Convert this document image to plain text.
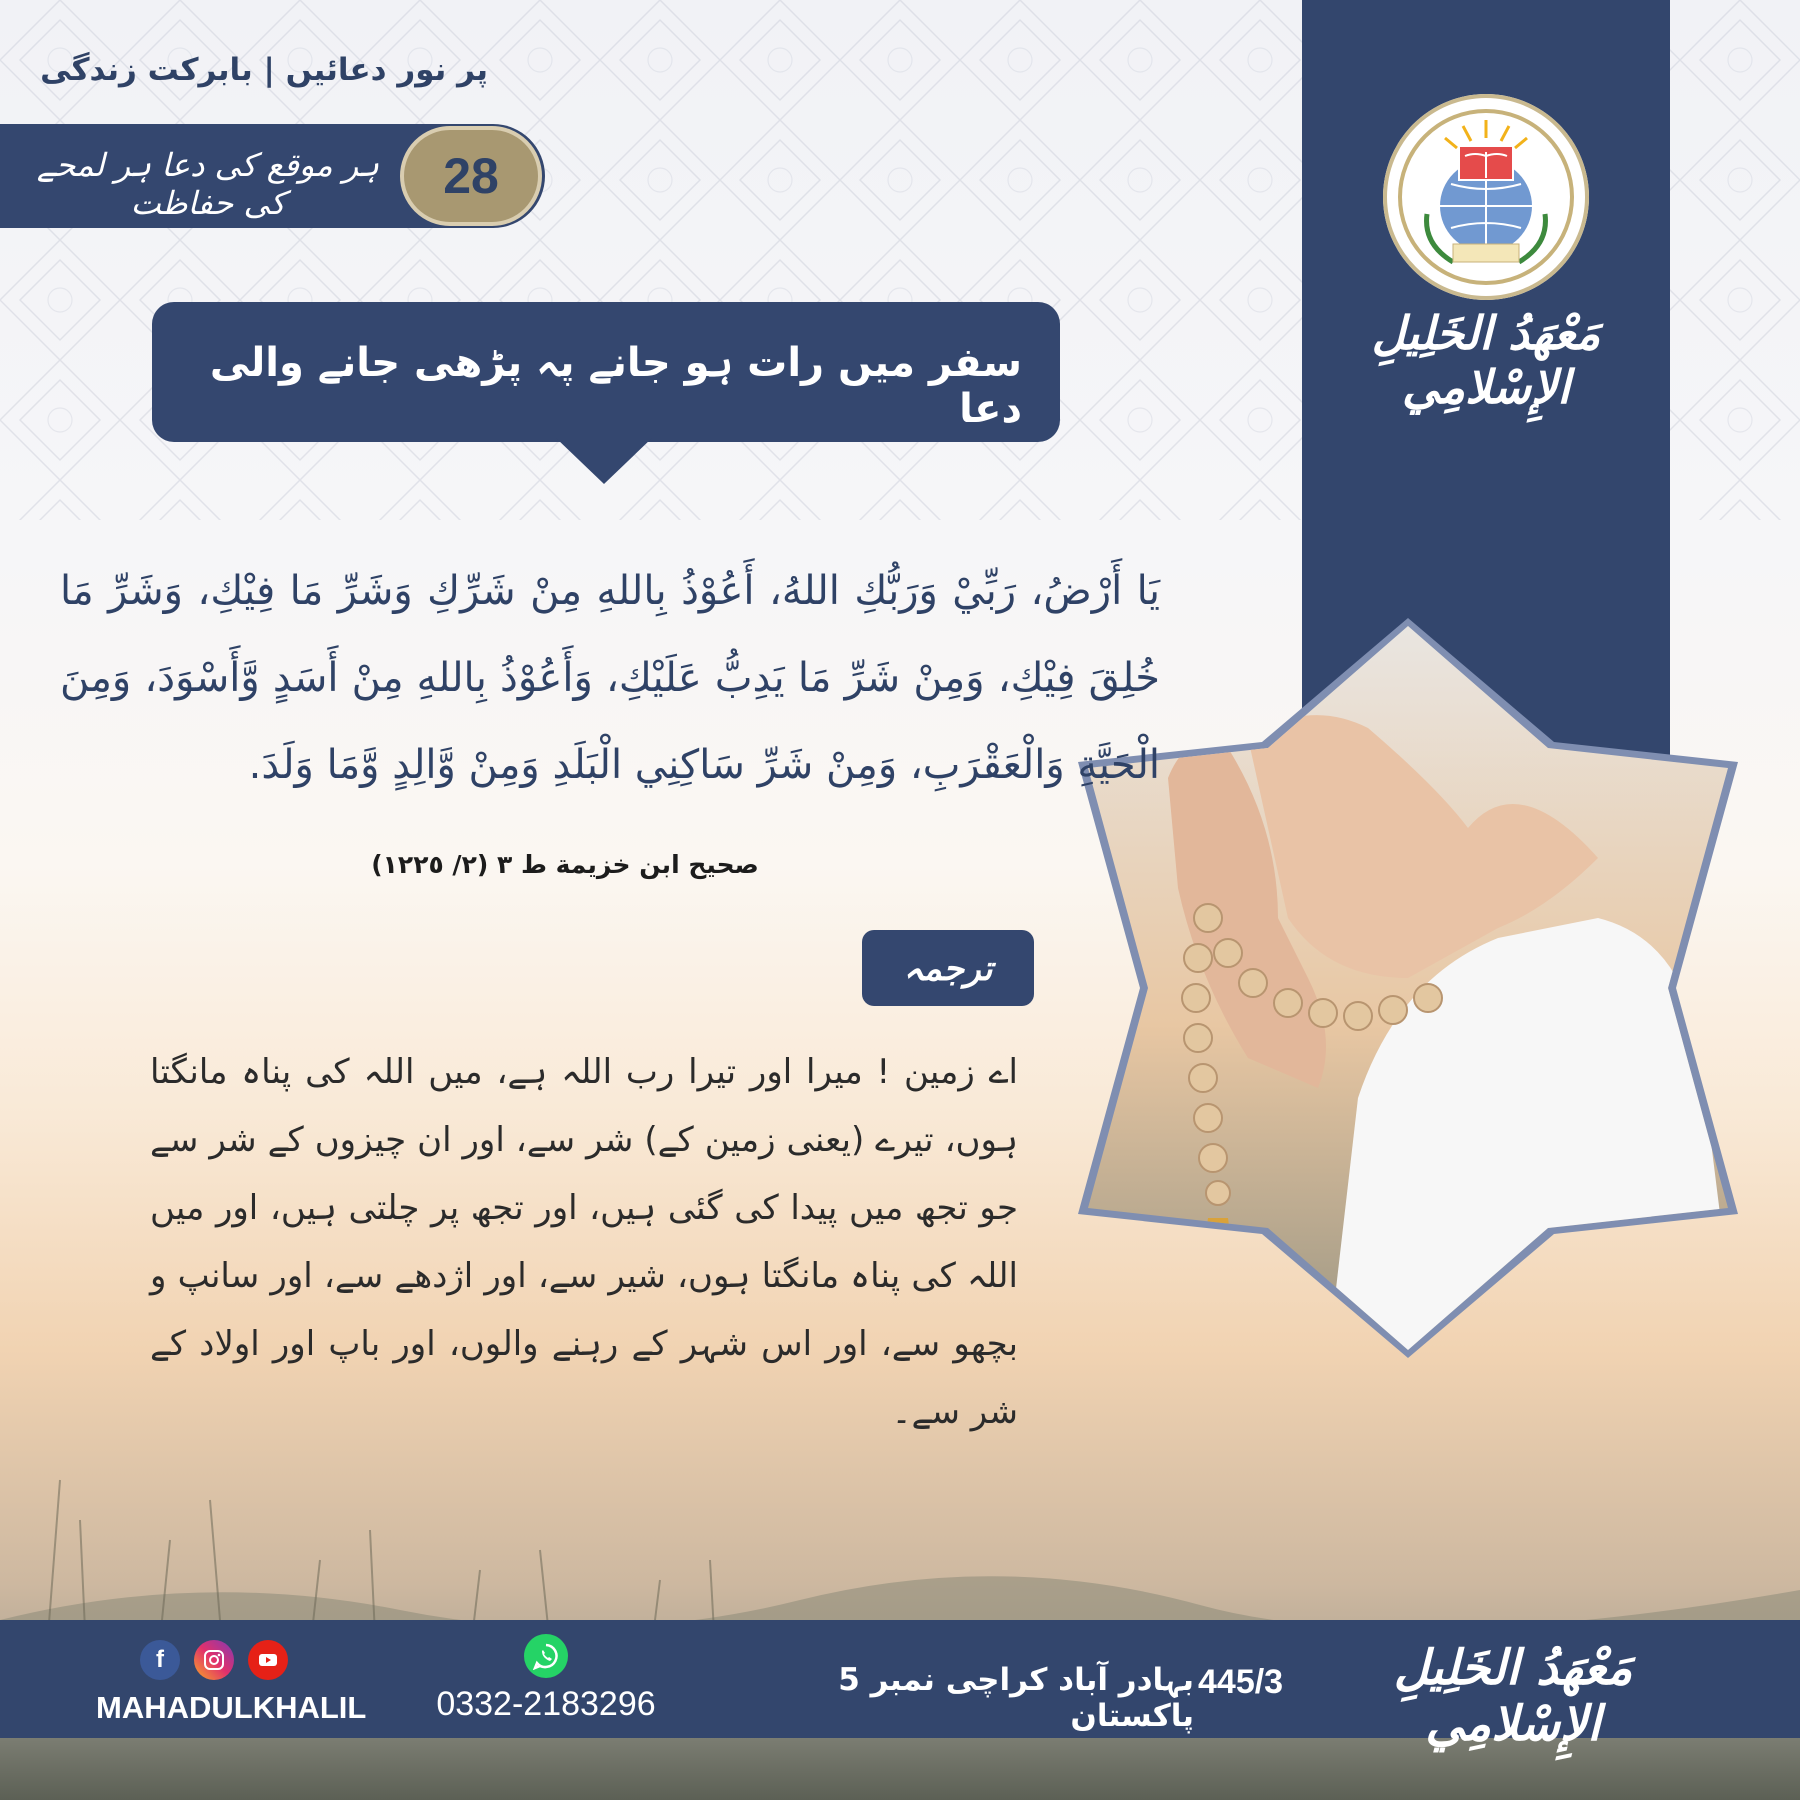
پر نور دعائیں | بابرکت زندگی
ہر موقع کی دعا ہر لمحے کی حفاظت	28
مَعْهَدُ الخَلِيلِ الإِسْلامِي
سفر میں رات ہو جانے پہ پڑھی جانے والی دعا
يَا أَرْضُ، رَبِّيْ وَرَبُّكِ اللهُ، أَعُوْذُ بِاللهِ مِنْ شَرِّكِ وَشَرِّ مَا فِيْكِ، وَشَرِّ مَا خُلِقَ فِيْكِ، وَمِنْ شَرِّ مَا يَدِبُّ عَلَيْكِ، وَأَعُوْذُ بِاللهِ مِنْ أَسَدٍ وَّأَسْوَدَ، وَمِنَ الْحَيَّةِ وَالْعَقْرَبِ، وَمِنْ شَرِّ سَاكِنِي الْبَلَدِ وَمِنْ وَّالِدٍ وَّمَا وَلَدَ.
صحيح ابن خزيمة ط ٣ (٢/ ١٢٢٥)
ترجمہ
اے زمین ! میرا اور تیرا رب اللہ ہے، میں اللہ کی پناہ مانگتا ہوں، تیرے (یعنی زمین کے) شر سے، اور ان چیزوں کے شر سے جو تجھ میں پیدا کی گئی ہیں، اور تجھ پر چلتی ہیں، اور میں اللہ کی پناہ مانگتا ہوں، شیر سے، اور اژدھے سے، اور سانپ و بچھو سے، اور اس شہر کے رہنے والوں، اور باپ اور اولاد کے شر سے۔
مَعْهَدُ الخَلِيلِ الإِسْلامِي
445/3
بہادر آباد کراچی نمبر 5 پاکستان
0332-2183296
f
MAHADULKHALIL
